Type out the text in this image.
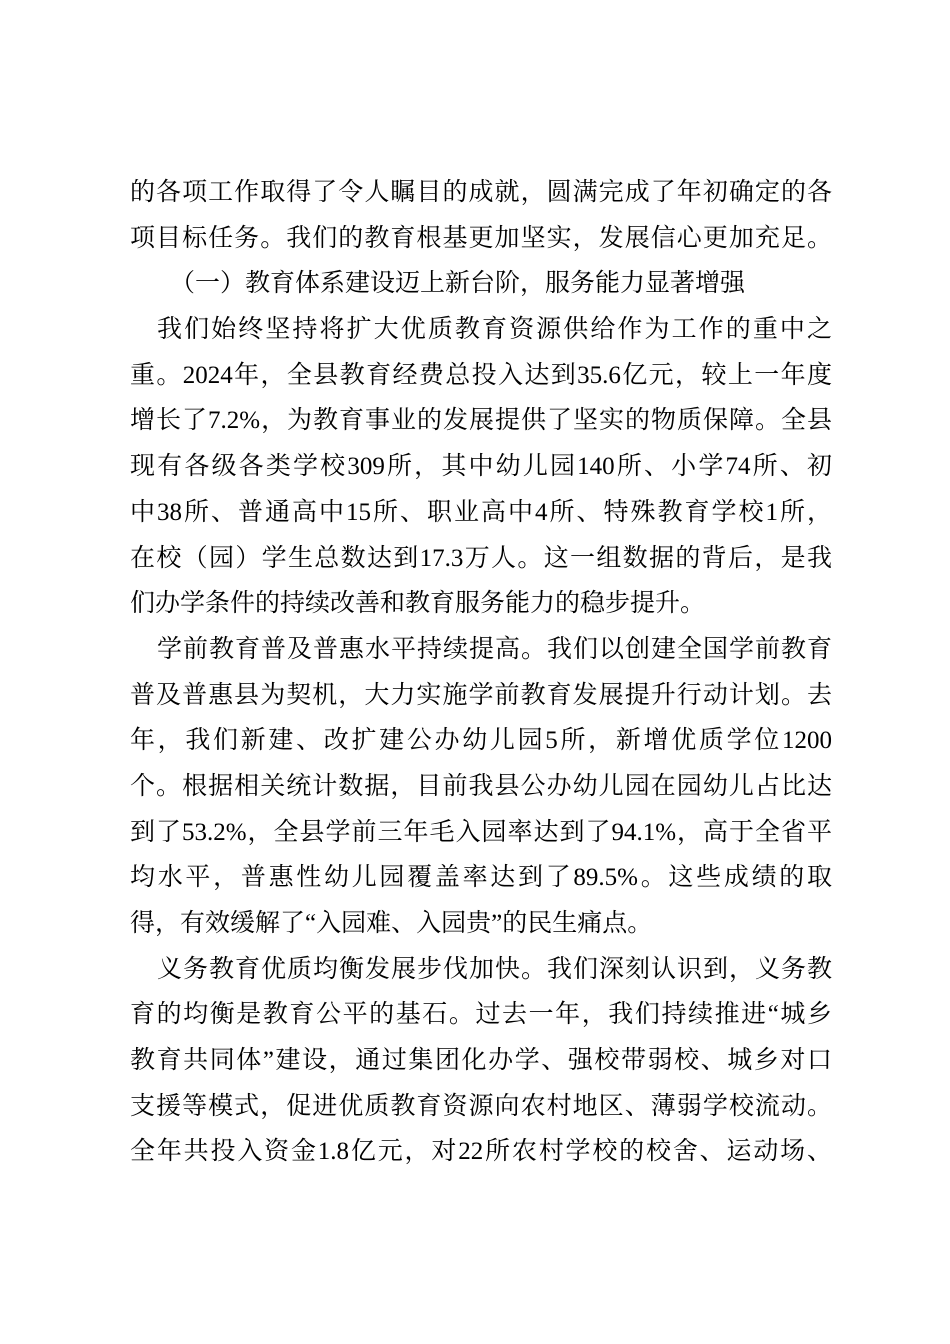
的各项工作取得了令人瞩目的成就，圆满完成了年初确定的各
项目标任务。我们的教育根基更加坚实，发展信心更加充足。
（一）教育体系建设迈上新台阶，服务能力显著增强
我们始终坚持将扩大优质教育资源供给作为工作的重中之
重。2024年，全县教育经费总投入达到35.6亿元，较上一年度
增长了7.2%，为教育事业的发展提供了坚实的物质保障。全县
现有各级各类学校309所，其中幼儿园140所、小学74所、初
中38所、普通高中15所、职业高中4所、特殊教育学校1所，
在校（园）学生总数达到17.3万人。这一组数据的背后，是我
们办学条件的持续改善和教育服务能力的稳步提升。
学前教育普及普惠水平持续提高。我们以创建全国学前教育
普及普惠县为契机，大力实施学前教育发展提升行动计划。去
年，我们新建、改扩建公办幼儿园5所，新增优质学位1200
个。根据相关统计数据，目前我县公办幼儿园在园幼儿占比达
到了53.2%，全县学前三年毛入园率达到了94.1%，高于全省平
均水平，普惠性幼儿园覆盖率达到了89.5%。这些成绩的取
得，有效缓解了“入园难、入园贵”的民生痛点。
义务教育优质均衡发展步伐加快。我们深刻认识到，义务教
育的均衡是教育公平的基石。过去一年，我们持续推进“城乡
教育共同体”建设，通过集团化办学、强校带弱校、城乡对口
支援等模式，促进优质教育资源向农村地区、薄弱学校流动。
全年共投入资金1.8亿元，对22所农村学校的校舍、运动场、
